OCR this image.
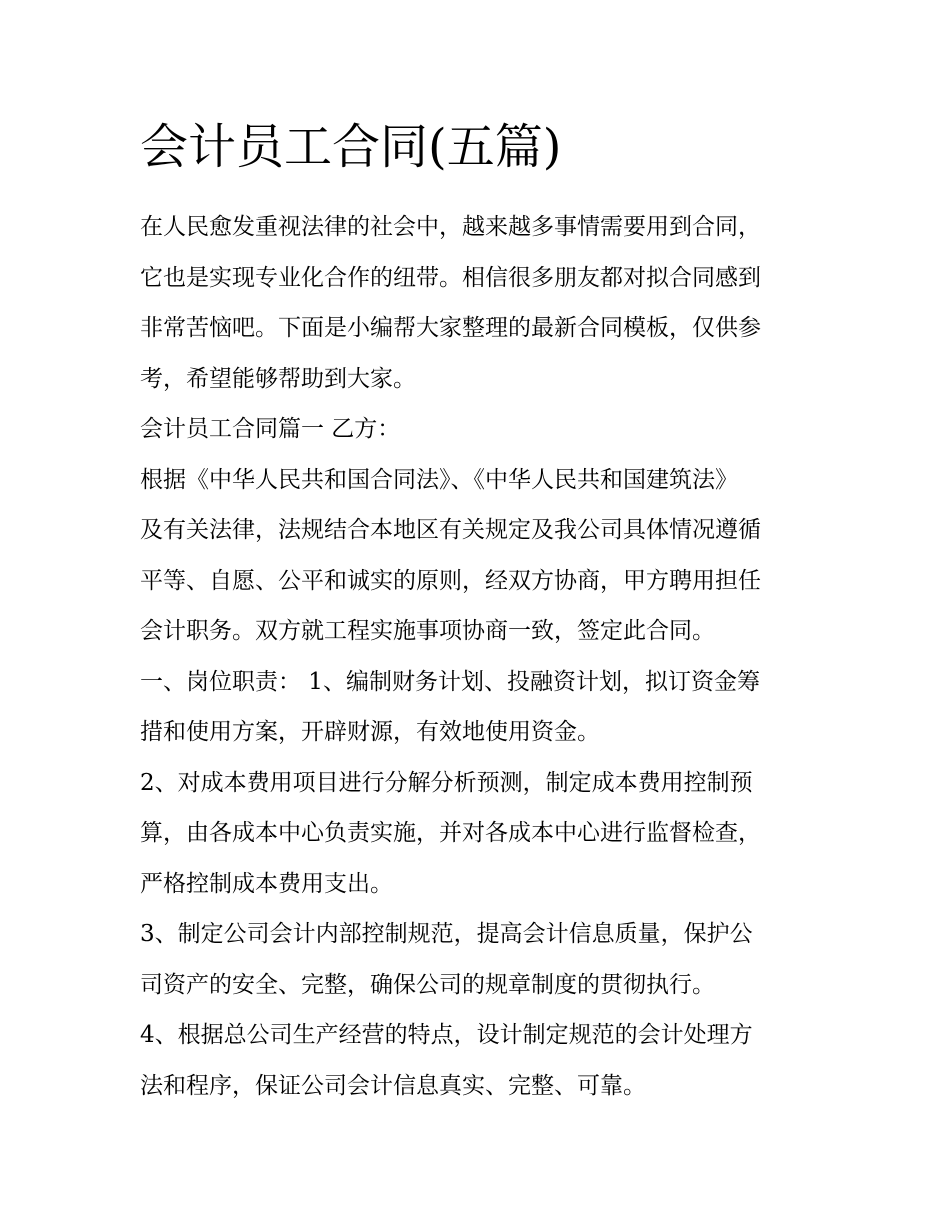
会计员工合同(五篇)
在人民愈发重视法律的社会中，越来越多事情需要用到合同，
它也是实现专业化合作的纽带。相信很多朋友都对拟合同感到
非常苦恼吧。下面是小编帮大家整理的最新合同模板，仅供参
考，希望能够帮助到大家。
会计员工合同篇一 乙方：
根据《中华人民共和国合同法》、《中华人民共和国建筑法》
及有关法律，法规结合本地区有关规定及我公司具体情况遵循
平等、自愿、公平和诚实的原则，经双方协商，甲方聘用担任
会计职务。双方就工程实施事项协商一致，签定此合同。
一、岗位职责： 1、编制财务计划、投融资计划，拟订资金筹
措和使用方案，开辟财源，有效地使用资金。
2、对成本费用项目进行分解分析预测，制定成本费用控制预
算，由各成本中心负责实施，并对各成本中心进行监督检查，
严格控制成本费用支出。
3、制定公司会计内部控制规范，提高会计信息质量，保护公
司资产的安全、完整，确保公司的规章制度的贯彻执行。
4、根据总公司生产经营的特点，设计制定规范的会计处理方
法和程序，保证公司会计信息真实、完整、可靠。
